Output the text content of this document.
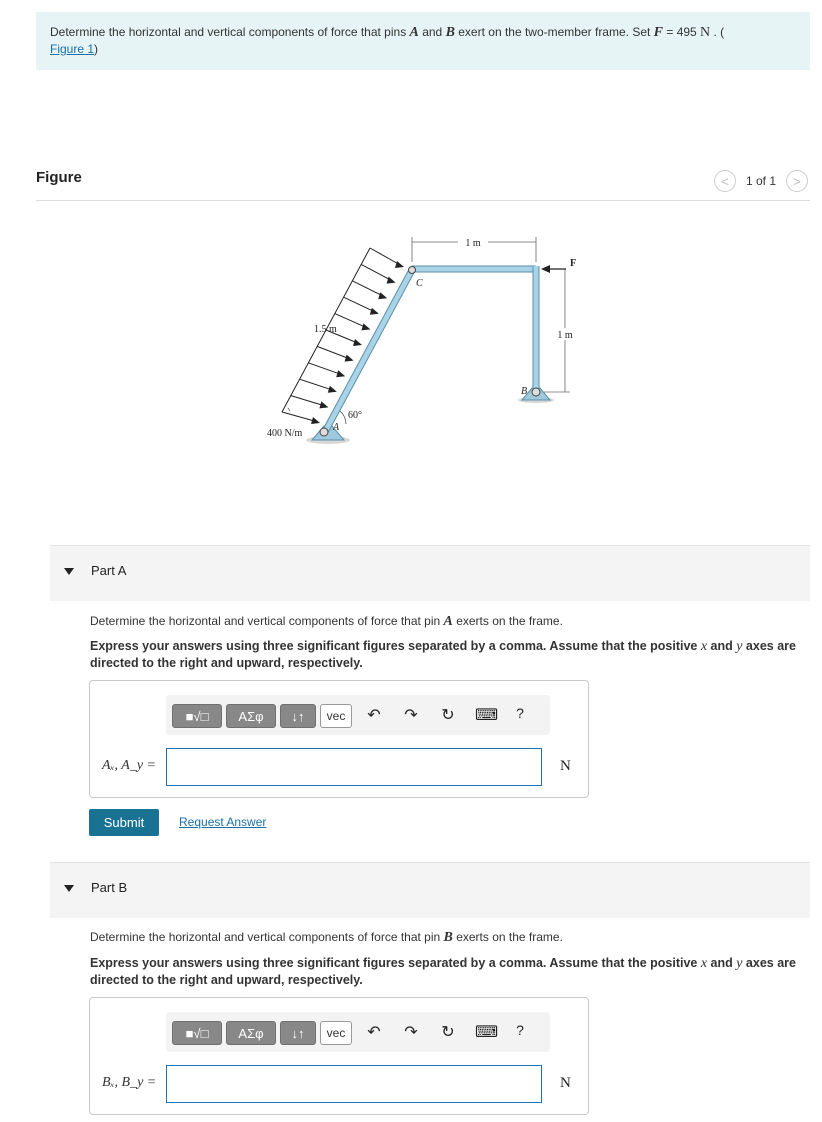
Determine the horizontal and vertical components of force that pins A and B exert on the two-member frame. Set F = 495 N . (
Figure 1)
Figure	< 1 of 1 >
1 m
1 m
F
1.5 m
60°
400 N/m
A
B
C
Part A
Determine the horizontal and vertical components of force that pin A exerts on the frame.
Express your answers using three significant figures separated by a comma. Assume that the positive x and y axes are directed to the right and upward, respectively.
■√□	ΑΣφ	↓↑	vec	↶ ↷ ↻ ⌨	?
Aₓ, A_y =	N
Submit	Request Answer
Part B
Determine the horizontal and vertical components of force that pin B exerts on the frame.
Express your answers using three significant figures separated by a comma. Assume that the positive x and y axes are directed to the right and upward, respectively.
■√□	ΑΣφ	↓↑	vec	↶ ↷ ↻ ⌨	?
Bₓ, B_y =	N
